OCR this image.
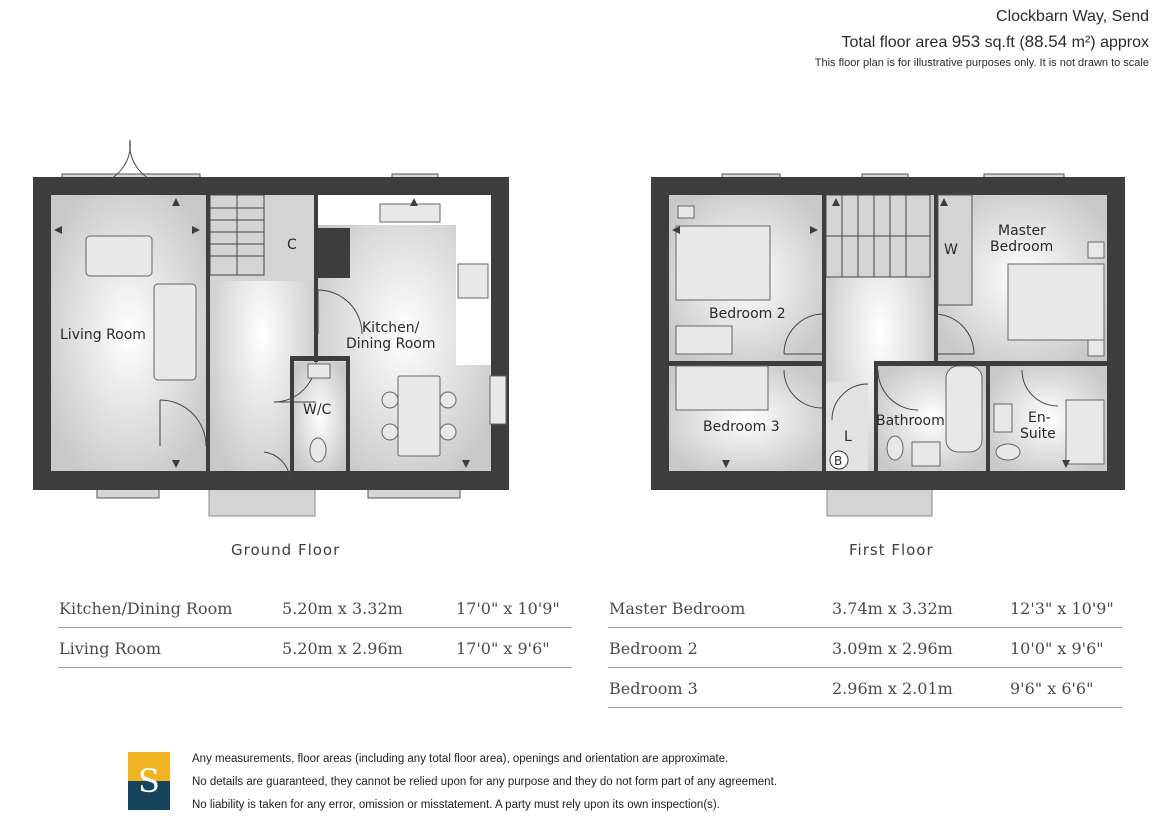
Clockbarn Way, Send
Total floor area 953 sq.ft (88.54 m²) approx
This floor plan is for illustrative purposes only. It is not drawn to scale
Living Room
C
Kitchen/
Dining Room
W/C
Bedroom 2
Bedroom 3
Master
Bedroom
W
L
B
Bathroom	En-
Suite
Ground Floor	First Floor
Kitchen/Dining Room	5.20m x 3.32m	17'0" x 10'9"
Living Room	5.20m x 2.96m	17'0" x 9'6"
Master Bedroom	3.74m x 3.32m	12'3" x 10'9"
Bedroom 2	3.09m x 2.96m	10'0" x 9'6"
Bedroom 3	2.96m x 2.01m	9'6" x 6'6"
S
Any measurements, floor areas (including any total floor area), openings and orientation are approximate.
No details are guaranteed, they cannot be relied upon for any purpose and they do not form part of any agreement.
No liability is taken for any error, omission or misstatement. A party must rely upon its own inspection(s).
